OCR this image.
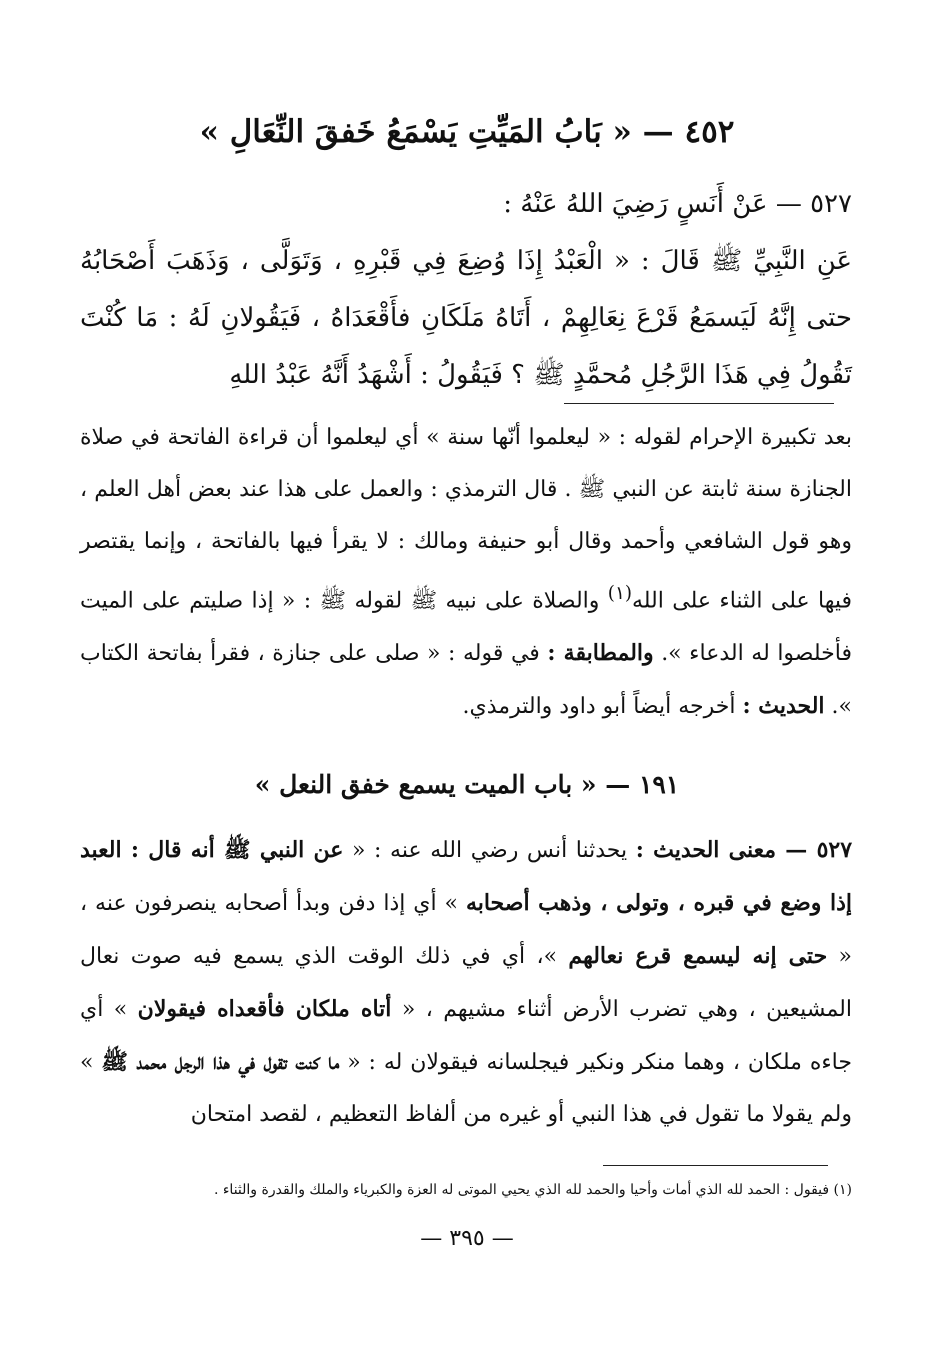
٤٥٢ — « بَابُ المَيِّتِ يَسْمَعُ خَفقَ النِّعَالِ »

٥٢٧ — عَنْ أَنَسٍ رَضِيَ اللهُ عَنْهُ :

عَنِ النَّبِيِّ ﷺ قَالَ : « الْعَبْدُ إِذَا وُضِعَ فِي قَبْرِهِ ، وَتَوَلَّى ، وَذَهَبَ أَصْحَابُهُ حتى إِنَّهُ لَيَسمَعُ قَرْعَ نِعَالِهِمْ ، أَتَاهُ مَلَكَانِ فأَقْعَدَاهُ ، فَيَقُولانِ لَهُ : مَا كُنْتَ تَقُولُ فِي هَذَا الرَّجُلِ مُحمَّدٍ ﷺ ؟ فَيَقُولُ : أَشْهَدُ أَنَّهُ عَبْدُ اللهِ

بعد تكبيرة الإحرام لقوله : « ليعلموا أنّها سنة » أي ليعلموا أن قراءة الفاتحة في صلاة الجنازة سنة ثابتة عن النبي ﷺ . قال الترمذي : والعمل على هذا عند بعض أهل العلم ، وهو قول الشافعي وأحمد وقال أبو حنيفة ومالك : لا يقرأ فيها بالفاتحة ، وإنما يقتصر فيها على الثناء على الله$^{(١)}$ والصلاة على نبيه ﷺ لقوله ﷺ : « إذا صليتم على الميت فأخلصوا له الدعاء ». والمطابقة : في قوله : « صلى على جنازة ، فقرأ بفاتحة الكتاب ». الحديث : أخرجه أيضاً أبو داود والترمذي.

١٩١ — « باب الميت يسمع خفق النعل »

٥٢٧ — معنى الحديث : يحدثنا أنس رضي الله عنه : « عن النبي ﷺ أنه قال : العبد إذا وضع في قبره ، وتولى ، وذهب أصحابه » أي إذا دفن وبدأ أصحابه ينصرفون عنه ، « حتى إنه ليسمع قرع نعالهم »، أي في ذلك الوقت الذي يسمع فيه صوت نعال المشيعين ، وهي تضرب الأرض أثناء مشيهم ، « أتاه ملكان فأقعداه فيقولان » أي جاءه ملكان ، وهما منكر ونكير فيجلسانه فيقولان له : « ما كنت تقول في هذا الرجل محمد ﷺ » ولم يقولا ما تقول في هذا النبي أو غيره من ألفاظ التعظيم ، لقصد امتحان

(١) فيقول : الحمد لله الذي أمات وأحيا والحمد لله الذي يحيي الموتى له العزة والكبرياء والملك والقدرة والثناء .

— ٣٩٥ —
